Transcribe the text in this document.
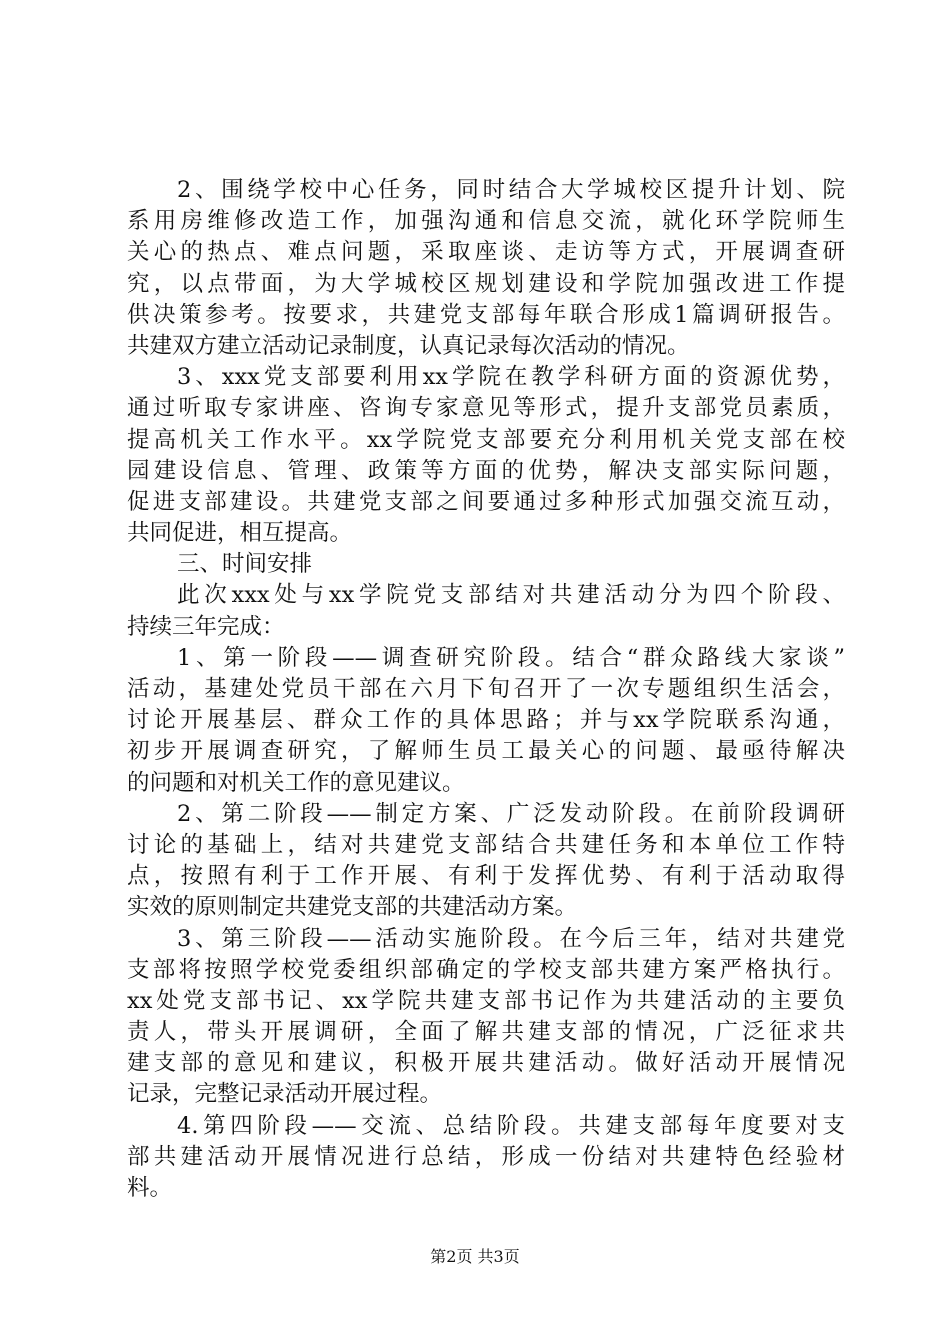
2、围绕学校中心任务，同时结合大学城校区提升计划、院
系用房维修改造工作，加强沟通和信息交流，就化环学院师生
关心的热点、难点问题，采取座谈、走访等方式，开展调查研
究，以点带面，为大学城校区规划建设和学院加强改进工作提
供决策参考。按要求，共建党支部每年联合形成1篇调研报告。
共建双方建立活动记录制度，认真记录每次活动的情况。
3、xxx党支部要利用xx学院在教学科研方面的资源优势，
通过听取专家讲座、咨询专家意见等形式，提升支部党员素质，
提高机关工作水平。xx学院党支部要充分利用机关党支部在校
园建设信息、管理、政策等方面的优势，解决支部实际问题，
促进支部建设。共建党支部之间要通过多种形式加强交流互动，
共同促进，相互提高。
三、时间安排
此次xxx处与xx学院党支部结对共建活动分为四个阶段、
持续三年完成：
1、第一阶段——调查研究阶段。结合“群众路线大家谈”
活动，基建处党员干部在六月下旬召开了一次专题组织生活会，
讨论开展基层、群众工作的具体思路；并与xx学院联系沟通，
初步开展调查研究，了解师生员工最关心的问题、最亟待解决
的问题和对机关工作的意见建议。
2、第二阶段——制定方案、广泛发动阶段。在前阶段调研
讨论的基础上，结对共建党支部结合共建任务和本单位工作特
点，按照有利于工作开展、有利于发挥优势、有利于活动取得
实效的原则制定共建党支部的共建活动方案。
3、第三阶段——活动实施阶段。在今后三年，结对共建党
支部将按照学校党委组织部确定的学校支部共建方案严格执行。
xx处党支部书记、xx学院共建支部书记作为共建活动的主要负
责人，带头开展调研，全面了解共建支部的情况，广泛征求共
建支部的意见和建议，积极开展共建活动。做好活动开展情况
记录，完整记录活动开展过程。
4.第四阶段——交流、总结阶段。共建支部每年度要对支
部共建活动开展情况进行总结，形成一份结对共建特色经验材
料。
第2页 共3页
